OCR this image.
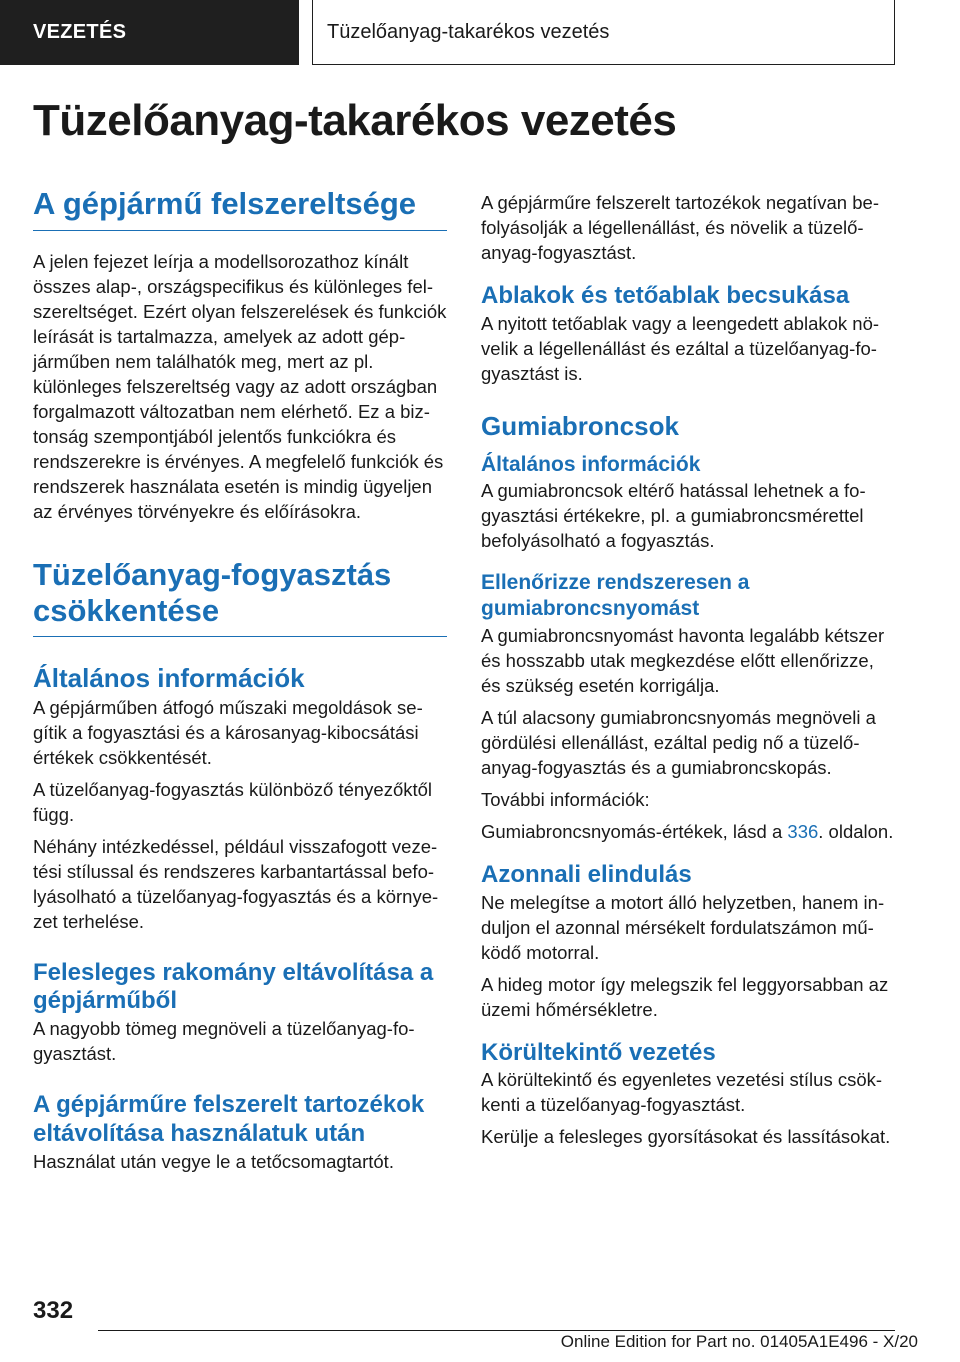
VEZETÉS	Tüzelőanyag-takarékos vezetés
Tüzelőanyag-takarékos vezetés
A gépjármű felszereltsége

A jelen fejezet leírja a modellsorozathoz kínált összes alap-, országspecifikus és különleges felszereltséget. Ezért olyan felszerelések és funkciók leírását is tartalmazza, amelyek az adott gépjárműben nem találhatók meg, mert az pl. különleges felszereltség vagy az adott országban forgalmazott változatban nem elérhető. Ez a biztonság szempontjából jelentős funkciókra és rendszerekre is érvényes. A megfelelő funkciók és rendszerek használata esetén is mindig ügyeljen az érvényes törvényekre és előírásokra.

Tüzelőanyag-fogyasztás csökkentése
Általános információk

A gépjárműben átfogó műszaki megoldások segítik a fogyasztási és a károsanyag-kibocsátási értékek csökkentését.

A tüzelőanyag-fogyasztás különböző tényezőktől függ.

Néhány intézkedéssel, például visszafogott vezetési stílussal és rendszeres karbantartással befolyásolható a tüzelőanyag-fogyasztás és a környezet terhelése.

Felesleges rakomány eltávolítása a gépjárműből

A nagyobb tömeg megnöveli a tüzelőanyag-fogyasztást.

A gépjárműre felszerelt tartozékok eltávolítása használatuk után

Használat után vegye le a tetőcsomagtartót.

A gépjárműre felszerelt tartozékok negatívan befolyásolják a légellenállást, és növelik a tüzelőanyag-fogyasztást.

Ablakok és tetőablak becsukása

A nyitott tetőablak vagy a leengedett ablakok növelik a légellenállást és ezáltal a tüzelőanyag-fogyasztást is.

Gumiabroncsok
Általános információk

A gumiabroncsok eltérő hatással lehetnek a fogyasztási értékekre, pl. a gumiabroncsmérettel befolyásolható a fogyasztás.

Ellenőrizze rendszeresen a gumiabroncsnyomást

A gumiabroncsnyomást havonta legalább kétszer és hosszabb utak megkezdése előtt ellenőrizze, és szükség esetén korrigálja.

A túl alacsony gumiabroncsnyomás megnöveli a gördülési ellenállást, ezáltal pedig nő a tüzelőanyag-fogyasztás és a gumiabroncskopás.

További információk:

Gumiabroncsnyomás-értékek, lásd a 336. oldalon.

Azonnali elindulás

Ne melegítse a motort álló helyzetben, hanem induljon el azonnal mérsékelt fordulatszámon működő motorral.

A hideg motor így melegszik fel leggyorsabban az üzemi hőmérsékletre.

Körültekintő vezetés

A körültekintő és egyenletes vezetési stílus csökkenti a tüzelőanyag-fogyasztást.

Kerülje a felesleges gyorsításokat és lassításokat.

332
Online Edition for Part no. 01405A1E496 - X/20
